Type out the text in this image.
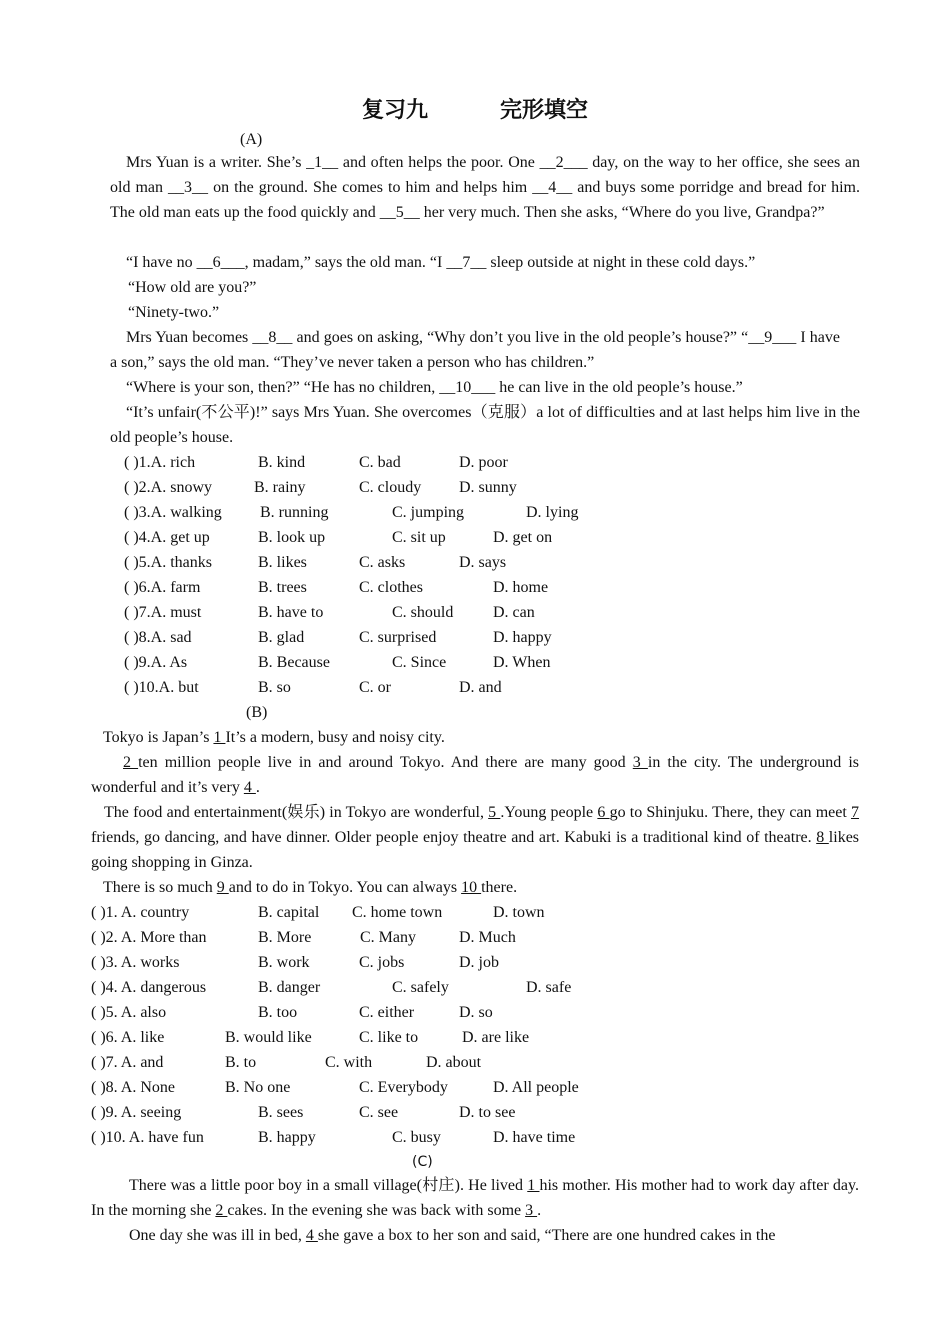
复习九	完形填空
(A)
Mrs Yuan is a writer. She’s _1__ and often helps the poor. One __2___ day, on the way to her office, she sees an old man __3__ on the ground. She comes to him and helps him __4__ and buys some porridge and bread for him. The old man eats up the food quickly and __5__ her very much. Then she asks, “Where do you live, Grandpa?”
“I have no __6___, madam,” says the old man. “I __7__ sleep outside at night in these cold days.”
“How old are you?”
“Ninety-two.”
Mrs Yuan becomes __8__ and goes on asking, “Why don’t you live in the old people’s house?” “__9___ I have a son,” says the old man. “They’ve never taken a person who has children.”
“Where is your son, then?” “He has no children, __10___ he can live in the old people’s house.”
“It’s unfair(不公平)!” says Mrs Yuan. She overcomes（克服）a lot of difficulties and at last helps him live in the old people’s house.
( )1.A. rich	B. kind	C. bad	D. poor
( )2.A. snowy	B. rainy	C. cloudy D. sunny
( )3.A. walking B. running	C. jumping	D. lying
( )4.A. get up	B. look up	C. sit up	D. get on
( )5.A. thanks	B. likes	C. asks	D. says
( )6.A. farm	B. trees	C. clothes	D. home
( )7.A. must	B. have to	C. should D. can
( )8.A. sad	B. glad	C. surprised	D. happy
( )9.A. As	B. Because	C. Since	D. When
( )10.A. but	B. so	C. or	D. and
(B)
Tokyo is Japan’s 1 It’s a modern, busy and noisy city.
2 ten million people live in and around Tokyo. And there are many good 3 in the city. The underground is wonderful and it’s very 4 .
The food and entertainment(娱乐) in Tokyo are wonderful, 5 .Young people 6 go to Shinjuku. There, they can meet 7 friends, go dancing, and have dinner. Older people enjoy theatre and art. Kabuki is a traditional kind of theatre. 8 likes going shopping in Ginza.
There is so much 9 and to do in Tokyo. You can always 10 there.
( )1. A. country	B. capital C. home town	D. town
( )2. A. More than	B. More	C. Many	D. Much
( )3. A. works	B. work	C. jobs	D. job
( )4. A. dangerous	B. danger	C. safely	D. safe
( )5. A. also	B. too	C. either	D. so
( )6. A. like	B. would like	C. like to	D. are like
( )7. A. and	B. to	C. with	D. about
( )8. A. None	B. No one	C. Everybody	D. All people
( )9. A. seeing	B. sees	C. see	D. to see
( )10. A. have fun	B. happy	C. busy	D. have time
(C)
There was a little poor boy in a small village(村庄). He lived 1 his mother. His mother had to work day after day. In the morning she 2 cakes. In the evening she was back with some 3 .
One day she was ill in bed, 4 she gave a box to her son and said, “There are one hundred cakes in the
